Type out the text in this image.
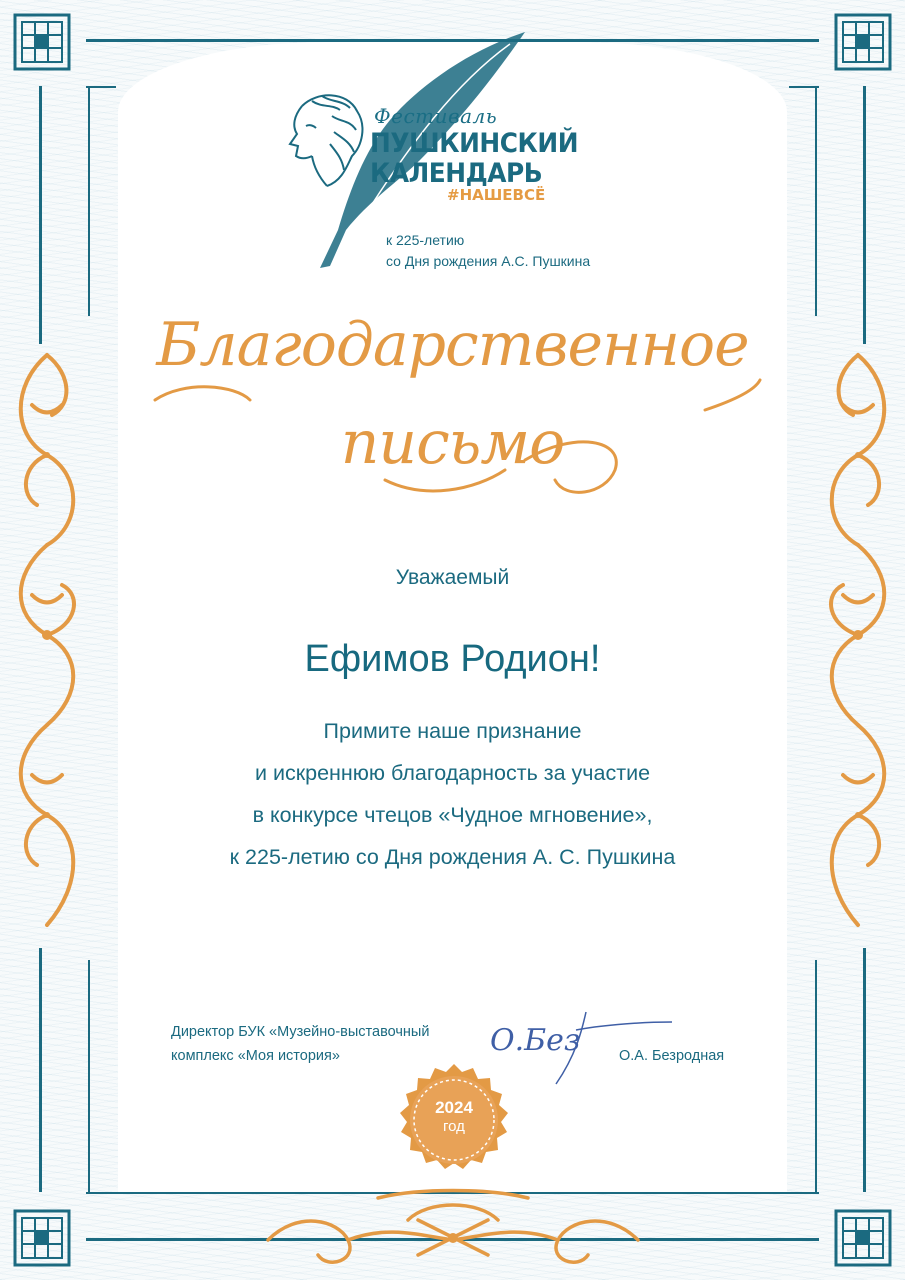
Фестиваль
ПУШКИНСКИЙ
КАЛЕНДАРЬ
#НАШЕВСЁ
к 225-летию
со Дня рождения А.С. Пушкина
Благодарственное
письмо
Уважаемый
Ефимов Родион!
Примите наше признание
и искреннюю благодарность за участие
в конкурсе чтецов «Чудное мгновение»,
к 225-летию со Дня рождения А. С. Пушкина
Директор БУК «Музейно-выставочный
комплекс «Моя история»	О.Без	О.А. Безродная
2024
год
